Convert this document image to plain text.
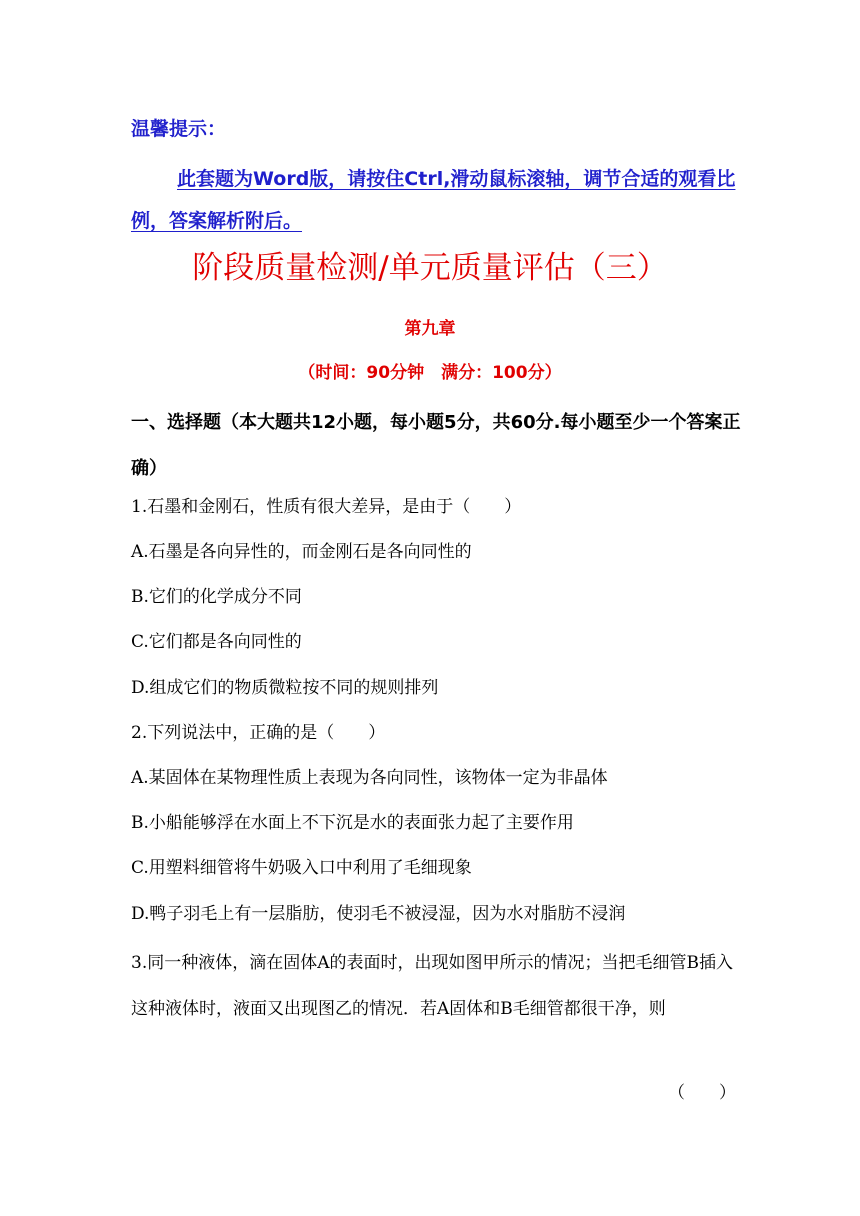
温馨提示：
此套题为Word版，请按住Ctrl,滑动鼠标滚轴，调节合适的观看比例，答案解析附后。
阶段质量检测/单元质量评估（三）
第九章
（时间：90分钟　满分：100分）
一、选择题（本大题共12小题，每小题5分，共60分.每小题至少一个答案正确）
1.石墨和金刚石，性质有很大差异，是由于（　　）
A.石墨是各向异性的，而金刚石是各向同性的
B.它们的化学成分不同
C.它们都是各向同性的
D.组成它们的物质微粒按不同的规则排列
2.下列说法中，正确的是（　　）
A.某固体在某物理性质上表现为各向同性，该物体一定为非晶体
B.小船能够浮在水面上不下沉是水的表面张力起了主要作用
C.用塑料细管将牛奶吸入口中利用了毛细现象
D.鸭子羽毛上有一层脂肪，使羽毛不被浸湿，因为水对脂肪不浸润
3.同一种液体，滴在固体A的表面时，出现如图甲所示的情况；当把毛细管B插入这种液体时，液面又出现图乙的情况．若A固体和B毛细管都很干净，则
（　　）
